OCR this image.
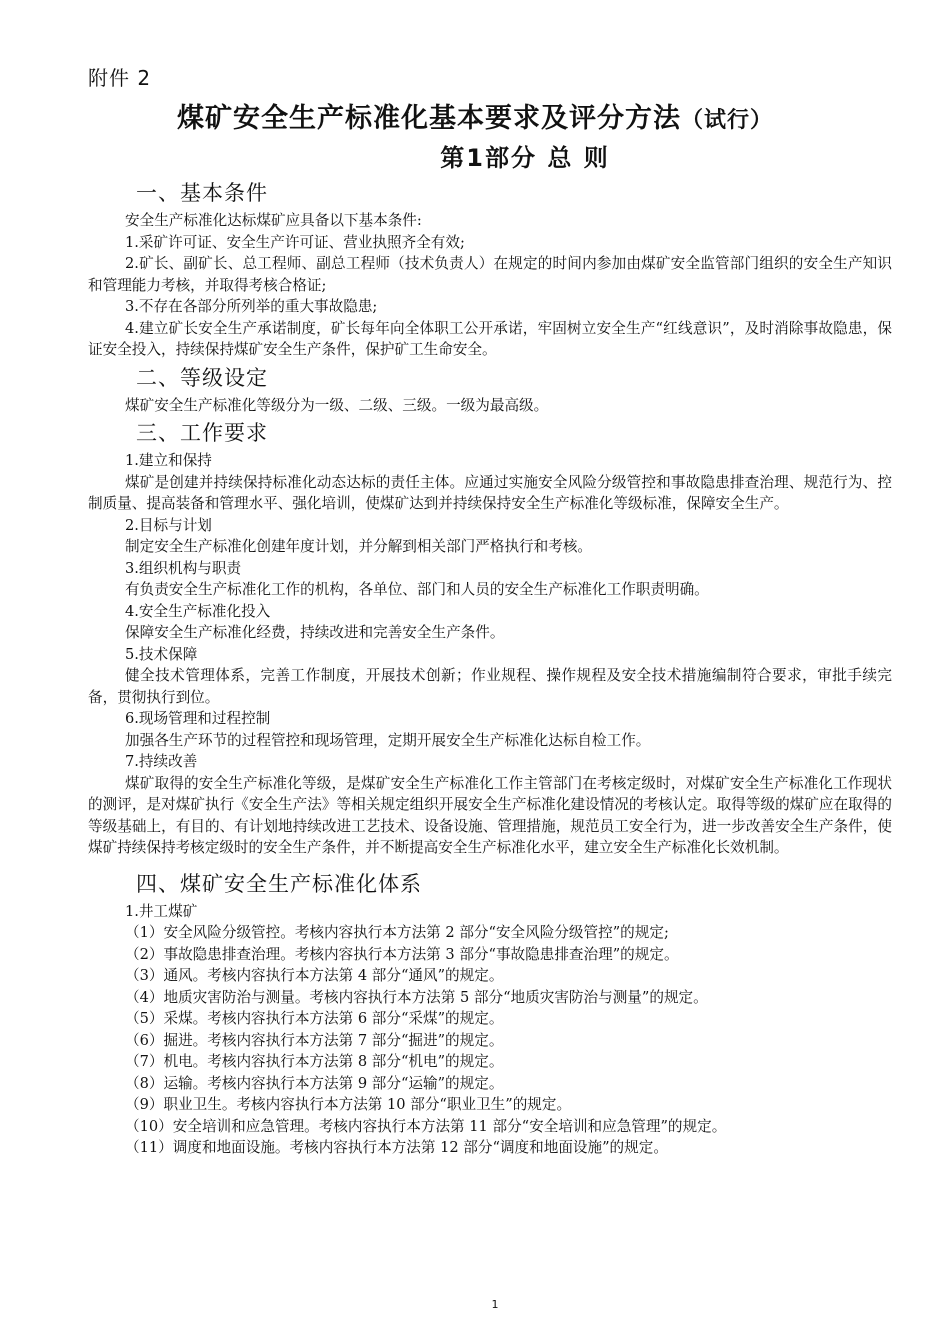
附件 2
煤矿安全生产标准化基本要求及评分方法（试行）
第1部分 总 则
一、基本条件

安全生产标准化达标煤矿应具备以下基本条件:

1.采矿许可证、安全生产许可证、营业执照齐全有效;

2.矿长、副矿长、总工程师、副总工程师（技术负责人）在规定的时间内参加由煤矿安全监管部门组织的安全生产知识和管理能力考核，并取得考核合格证;

3.不存在各部分所列举的重大事故隐患;

4.建立矿长安全生产承诺制度，矿长每年向全体职工公开承诺，牢固树立安全生产“红线意识”，及时消除事故隐患，保证安全投入，持续保持煤矿安全生产条件，保护矿工生命安全。

二、等级设定

煤矿安全生产标准化等级分为一级、二级、三级。一级为最高级。

三、工作要求

1.建立和保持

煤矿是创建并持续保持标准化动态达标的责任主体。应通过实施安全风险分级管控和事故隐患排查治理、规范行为、控制质量、提高装备和管理水平、强化培训，使煤矿达到并持续保持安全生产标准化等级标准，保障安全生产。

2.目标与计划

制定安全生产标准化创建年度计划，并分解到相关部门严格执行和考核。

3.组织机构与职责

有负责安全生产标准化工作的机构，各单位、部门和人员的安全生产标准化工作职责明确。

4.安全生产标准化投入

保障安全生产标准化经费，持续改进和完善安全生产条件。

5.技术保障

健全技术管理体系，完善工作制度，开展技术创新；作业规程、操作规程及安全技术措施编制符合要求，审批手续完备，贯彻执行到位。

6.现场管理和过程控制

加强各生产环节的过程管控和现场管理，定期开展安全生产标准化达标自检工作。

7.持续改善

煤矿取得的安全生产标准化等级，是煤矿安全生产标准化工作主管部门在考核定级时，对煤矿安全生产标准化工作现状的测评，是对煤矿执行《安全生产法》等相关规定组织开展安全生产标准化建设情况的考核认定。取得等级的煤矿应在取得的等级基础上，有目的、有计划地持续改进工艺技术、设备设施、管理措施，规范员工安全行为，进一步改善安全生产条件，使煤矿持续保持考核定级时的安全生产条件，并不断提高安全生产标准化水平，建立安全生产标准化长效机制。

四、煤矿安全生产标准化体系

1.井工煤矿

（1）安全风险分级管控。考核内容执行本方法第 2 部分“安全风险分级管控”的规定;

（2）事故隐患排查治理。考核内容执行本方法第 3 部分“事故隐患排查治理”的规定。

（3）通风。考核内容执行本方法第 4 部分“通风”的规定。

（4）地质灾害防治与测量。考核内容执行本方法第 5 部分“地质灾害防治与测量”的规定。

（5）采煤。考核内容执行本方法第 6 部分“采煤”的规定。

（6）掘进。考核内容执行本方法第 7 部分“掘进”的规定。

（7）机电。考核内容执行本方法第 8 部分“机电”的规定。

（8）运输。考核内容执行本方法第 9 部分“运输”的规定。

（9）职业卫生。考核内容执行本方法第 10 部分“职业卫生”的规定。

（10）安全培训和应急管理。考核内容执行本方法第 11 部分“安全培训和应急管理”的规定。

（11）调度和地面设施。考核内容执行本方法第 12 部分“调度和地面设施”的规定。

1
